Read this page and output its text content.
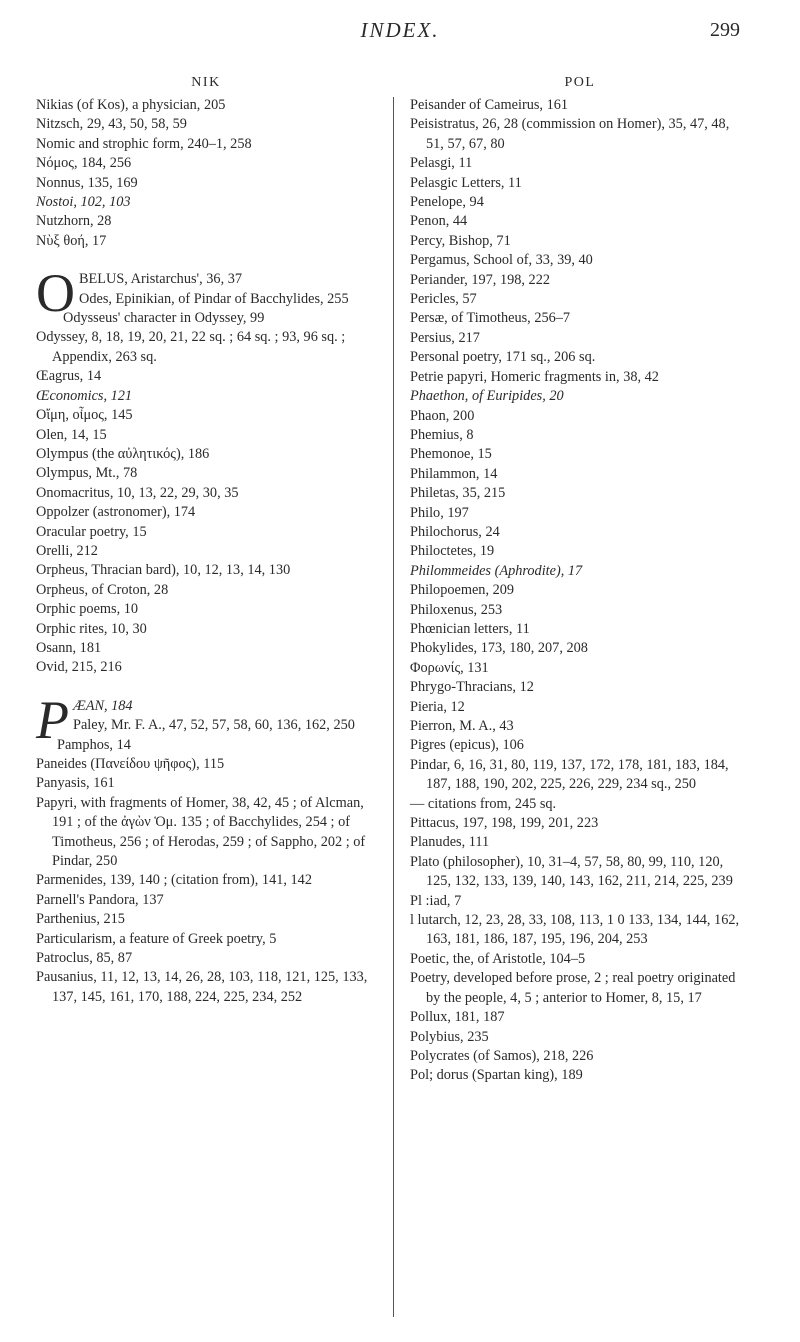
INDEX.	299
NIK

Nikias (of Kos), a physician, 205

Nitzsch, 29, 43, 50, 58, 59

Nomic and strophic form, 240–1, 258

Νόμος, 184, 256

Nonnus, 135, 169

Nostoi, 102, 103

Nutzhorn, 28

Νὺξ θοή, 17

O BELUS, Aristarchus', 36, 37
Odes, Epinikian, of Pindar of Bacchylides, 255

Odysseus' character in Odyssey, 99

Odyssey, 8, 18, 19, 20, 21, 22 sq. ; 64 sq. ; 93, 96 sq. ; Appendix, 263 sq.

Œagrus, 14

Œconomics, 121

Οἴμη, οἶμος, 145

Olen, 14, 15

Olympus (the αὐλητικός), 186

Olympus, Mt., 78

Onomacritus, 10, 13, 22, 29, 30, 35

Oppolzer (astronomer), 174

Oracular poetry, 15

Orelli, 212

Orpheus, Thracian bard), 10, 12, 13, 14, 130

Orpheus, of Croton, 28

Orphic poems, 10

Orphic rites, 10, 30

Osann, 181

Ovid, 215, 216

P ÆAN, 184
Paley, Mr. F. A., 47, 52, 57, 58, 60, 136, 162, 250

Pamphos, 14

Paneides (Πανείδου ψῆφος), 115

Panyasis, 161

Papyri, with fragments of Homer, 38, 42, 45 ; of Alcman, 191 ; of the ἀγὼν Ὁμ. 135 ; of Bacchylides, 254 ; of Timotheus, 256 ; of Herodas, 259 ; of Sappho, 202 ; of Pindar, 250

Parmenides, 139, 140 ; (citation from), 141, 142

Parnell's Pandora, 137

Parthenius, 215

Particularism, a feature of Greek poetry, 5

Patroclus, 85, 87

Pausanius, 11, 12, 13, 14, 26, 28, 103, 118, 121, 125, 133, 137, 145, 161, 170, 188, 224, 225, 234, 252

POL

Peisander of Cameirus, 161

Peisistratus, 26, 28 (commission on Homer), 35, 47, 48, 51, 57, 67, 80

Pelasgi, 11

Pelasgic Letters, 11

Penelope, 94

Penon, 44

Percy, Bishop, 71

Pergamus, School of, 33, 39, 40

Periander, 197, 198, 222

Pericles, 57

Persæ, of Timotheus, 256–7

Persius, 217

Personal poetry, 171 sq., 206 sq.

Petrie papyri, Homeric fragments in, 38, 42

Phaethon, of Euripides, 20

Phaon, 200

Phemius, 8

Phemonoe, 15

Philammon, 14

Philetas, 35, 215

Philo, 197

Philochorus, 24

Philoctetes, 19

Philommeides (Aphrodite), 17

Philopoemen, 209

Philoxenus, 253

Phœnician letters, 11

Phokylides, 173, 180, 207, 208

Φορωνίς, 131

Phrygo-Thracians, 12

Pieria, 12

Pierron, M. A., 43

Pigres (epicus), 106

Pindar, 6, 16, 31, 80, 119, 137, 172, 178, 181, 183, 184, 187, 188, 190, 202, 225, 226, 229, 234 sq., 250

— citations from, 245 sq.

Pittacus, 197, 198, 199, 201, 223

Planudes, 111

Plato (philosopher), 10, 31–4, 57, 58, 80, 99, 110, 120, 125, 132, 133, 139, 140, 143, 162, 211, 214, 225, 239

Pl :iad, 7

l lutarch, 12, 23, 28, 33, 108, 113, 1 0 133, 134, 144, 162, 163, 181, 186, 187, 195, 196, 204, 253

Poetic, the, of Aristotle, 104–5

Poetry, developed before prose, 2 ; real poetry originated by the people, 4, 5 ; anterior to Homer, 8, 15, 17

Pollux, 181, 187

Polybius, 235

Polycrates (of Samos), 218, 226

Pol; dorus (Spartan king), 189
